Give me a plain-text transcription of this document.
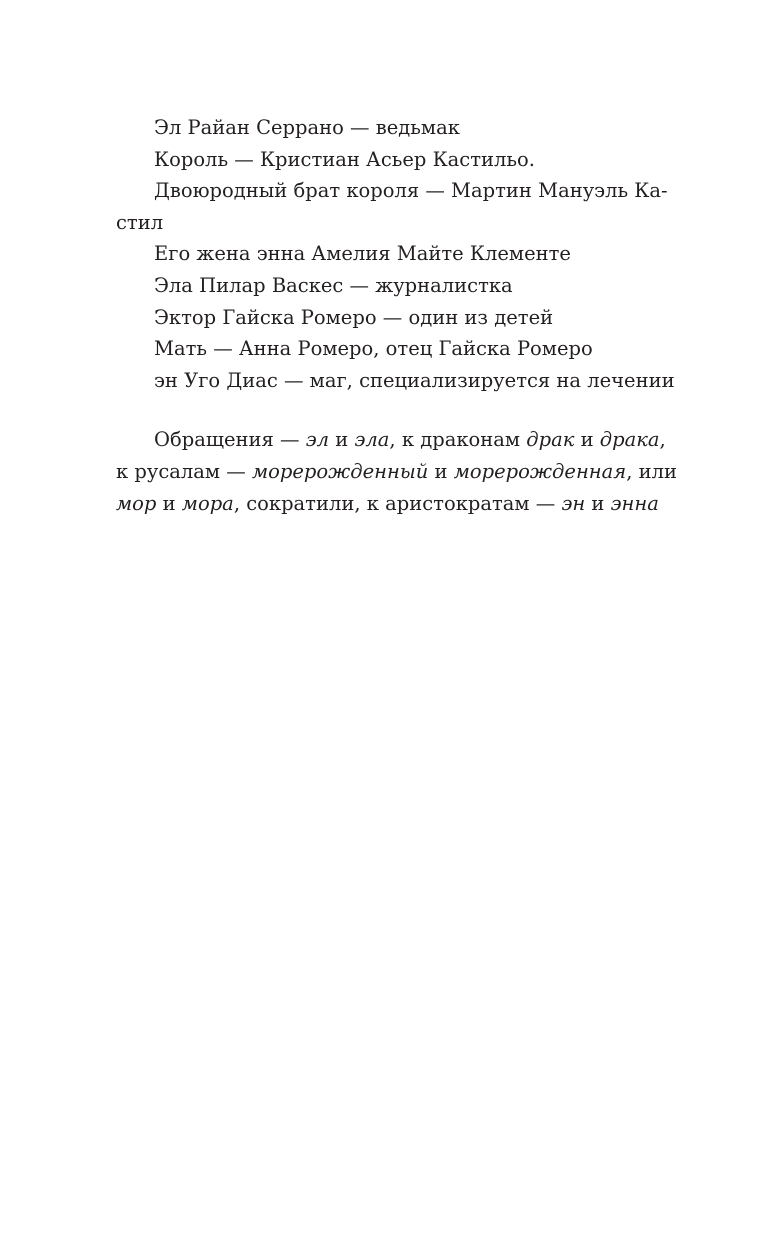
Эл Райан Серрано — ведьмак

Король — Кристиан Асьер Кастильо.

Двоюродный брат короля — Мартин Мануэль Ка-

стил

Его жена энна Амелия Майте Клементе

Эла Пилар Васкес — журналистка

Эктор Гайска Ромеро — один из детей

Мать — Анна Ромеро, отец Гайска Ромеро

эн Уго Диас — маг, специализируется на лечении

Обращения — эл и эла, к драконам драк и драка,
к русалам — морерожденный и морерожденная, или
мор и мора, сократили, к аристократам — эн и энна
